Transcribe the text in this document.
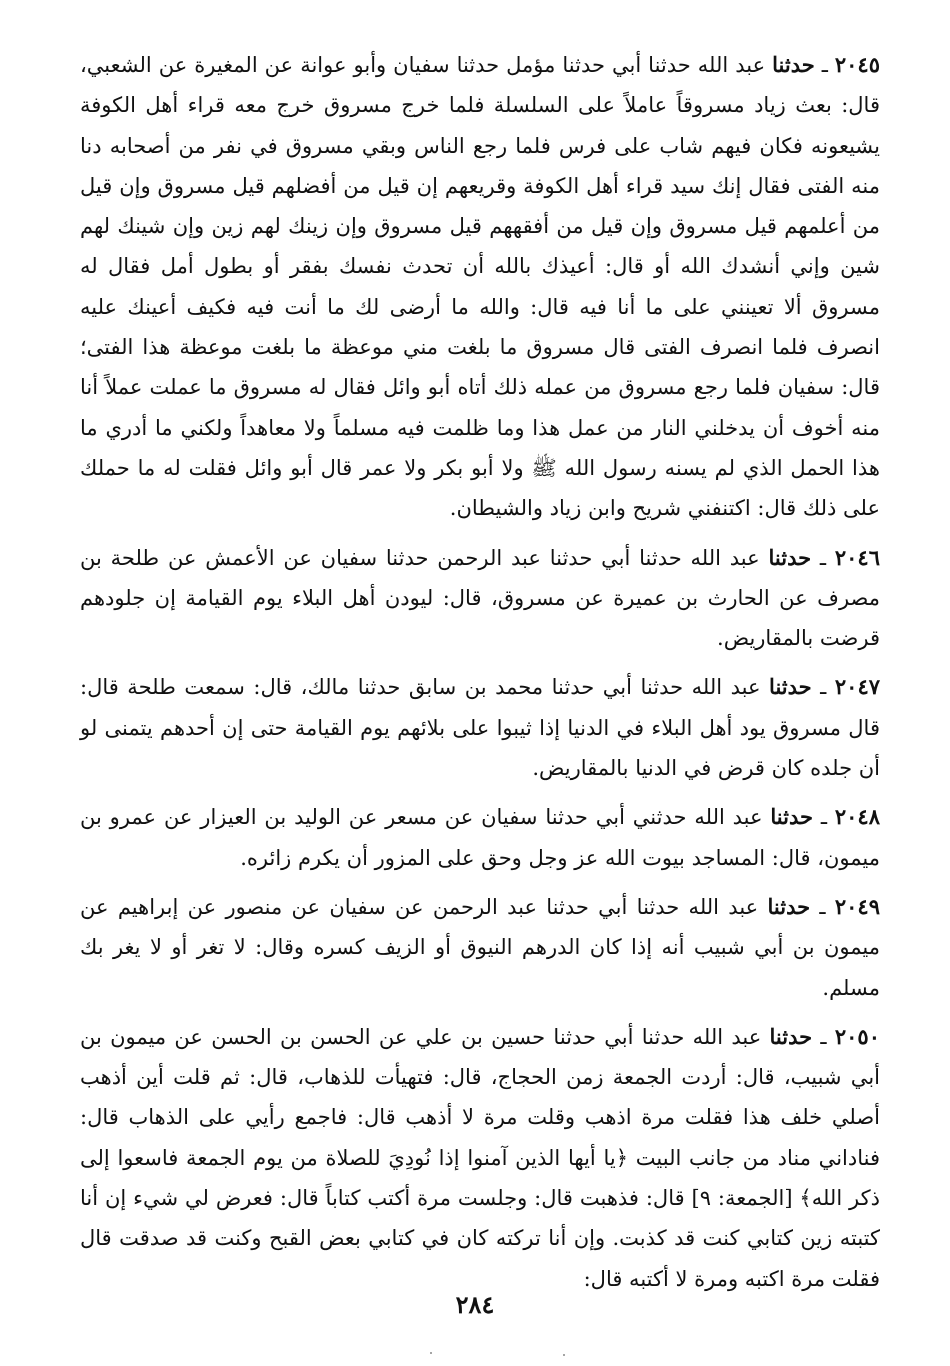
٢٠٤٥ ـ حدثنا عبد الله حدثنا أبي حدثنا مؤمل حدثنا سفيان وأبو عوانة عن المغيرة عن الشعبي، قال: بعث زياد مسروقاً عاملاً على السلسلة فلما خرج مسروق خرج معه قراء أهل الكوفة يشيعونه فكان فيهم شاب على فرس فلما رجع الناس وبقي مسروق في نفر من أصحابه دنا منه الفتى فقال إنك سيد قراء أهل الكوفة وقريعهم إن قيل من أفضلهم قيل مسروق وإن قيل من أعلمهم قيل مسروق وإن قيل من أفقههم قيل مسروق وإن زينك لهم زين وإن شينك لهم شين وإني أنشدك الله أو قال: أعيذك بالله أن تحدث نفسك بفقر أو بطول أمل فقال له مسروق ألا تعينني على ما أنا فيه قال: والله ما أرضى لك ما أنت فيه فكيف أعينك عليه انصرف فلما انصرف الفتى قال مسروق ما بلغت مني موعظة ما بلغت موعظة هذا الفتى؛ قال: سفيان فلما رجع مسروق من عمله ذلك أتاه أبو وائل فقال له مسروق ما عملت عملاً أنا منه أخوف أن يدخلني النار من عمل هذا وما ظلمت فيه مسلماً ولا معاهداً ولكني ما أدري ما هذا الحمل الذي لم يسنه رسول الله ﷺ ولا أبو بكر ولا عمر قال أبو وائل فقلت له ما حملك على ذلك قال: اكتنفني شريح وابن زياد والشيطان.

٢٠٤٦ ـ حدثنا عبد الله حدثنا أبي حدثنا عبد الرحمن حدثنا سفيان عن الأعمش عن طلحة بن مصرف عن الحارث بن عميرة عن مسروق، قال: ليودن أهل البلاء يوم القيامة إن جلودهم قرضت بالمقاريض.

٢٠٤٧ ـ حدثنا عبد الله حدثنا أبي حدثنا محمد بن سابق حدثنا مالك، قال: سمعت طلحة قال: قال مسروق يود أهل البلاء في الدنيا إذا ثيبوا على بلائهم يوم القيامة حتى إن أحدهم يتمنى لو أن جلده كان قرض في الدنيا بالمقاريض.

٢٠٤٨ ـ حدثنا عبد الله حدثني أبي حدثنا سفيان عن مسعر عن الوليد بن العيزار عن عمرو بن ميمون، قال: المساجد بيوت الله عز وجل وحق على المزور أن يكرم زائره.

٢٠٤٩ ـ حدثنا عبد الله حدثنا أبي حدثنا عبد الرحمن عن سفيان عن منصور عن إبراهيم عن ميمون بن أبي شبيب أنه إذا كان الدرهم النيوق أو الزيف كسره وقال: لا تغر أو لا يغر بك مسلم.

٢٠٥٠ ـ حدثنا عبد الله حدثنا أبي حدثنا حسين بن علي عن الحسن بن الحسن عن ميمون بن أبي شبيب، قال: أردت الجمعة زمن الحجاج، قال: فتهيأت للذهاب، قال: ثم قلت أين أذهب أصلي خلف هذا فقلت مرة اذهب وقلت مرة لا أذهب قال: فاجمع رأيي على الذهاب قال: فناداني مناد من جانب البيت ﴿يا أيها الذين آمنوا إذا نُودِيَ للصلاة من يوم الجمعة فاسعوا إلى ذكر الله﴾ [الجمعة: ٩] قال: فذهبت قال: وجلست مرة أكتب كتاباً قال: فعرض لي شيء إن أنا كتبته زين كتابي كنت قد كذبت. وإن أنا تركته كان في كتابي بعض القبح وكنت قد صدقت قال فقلت مرة اكتبه ومرة لا أكتبه قال:

٢٨٤
